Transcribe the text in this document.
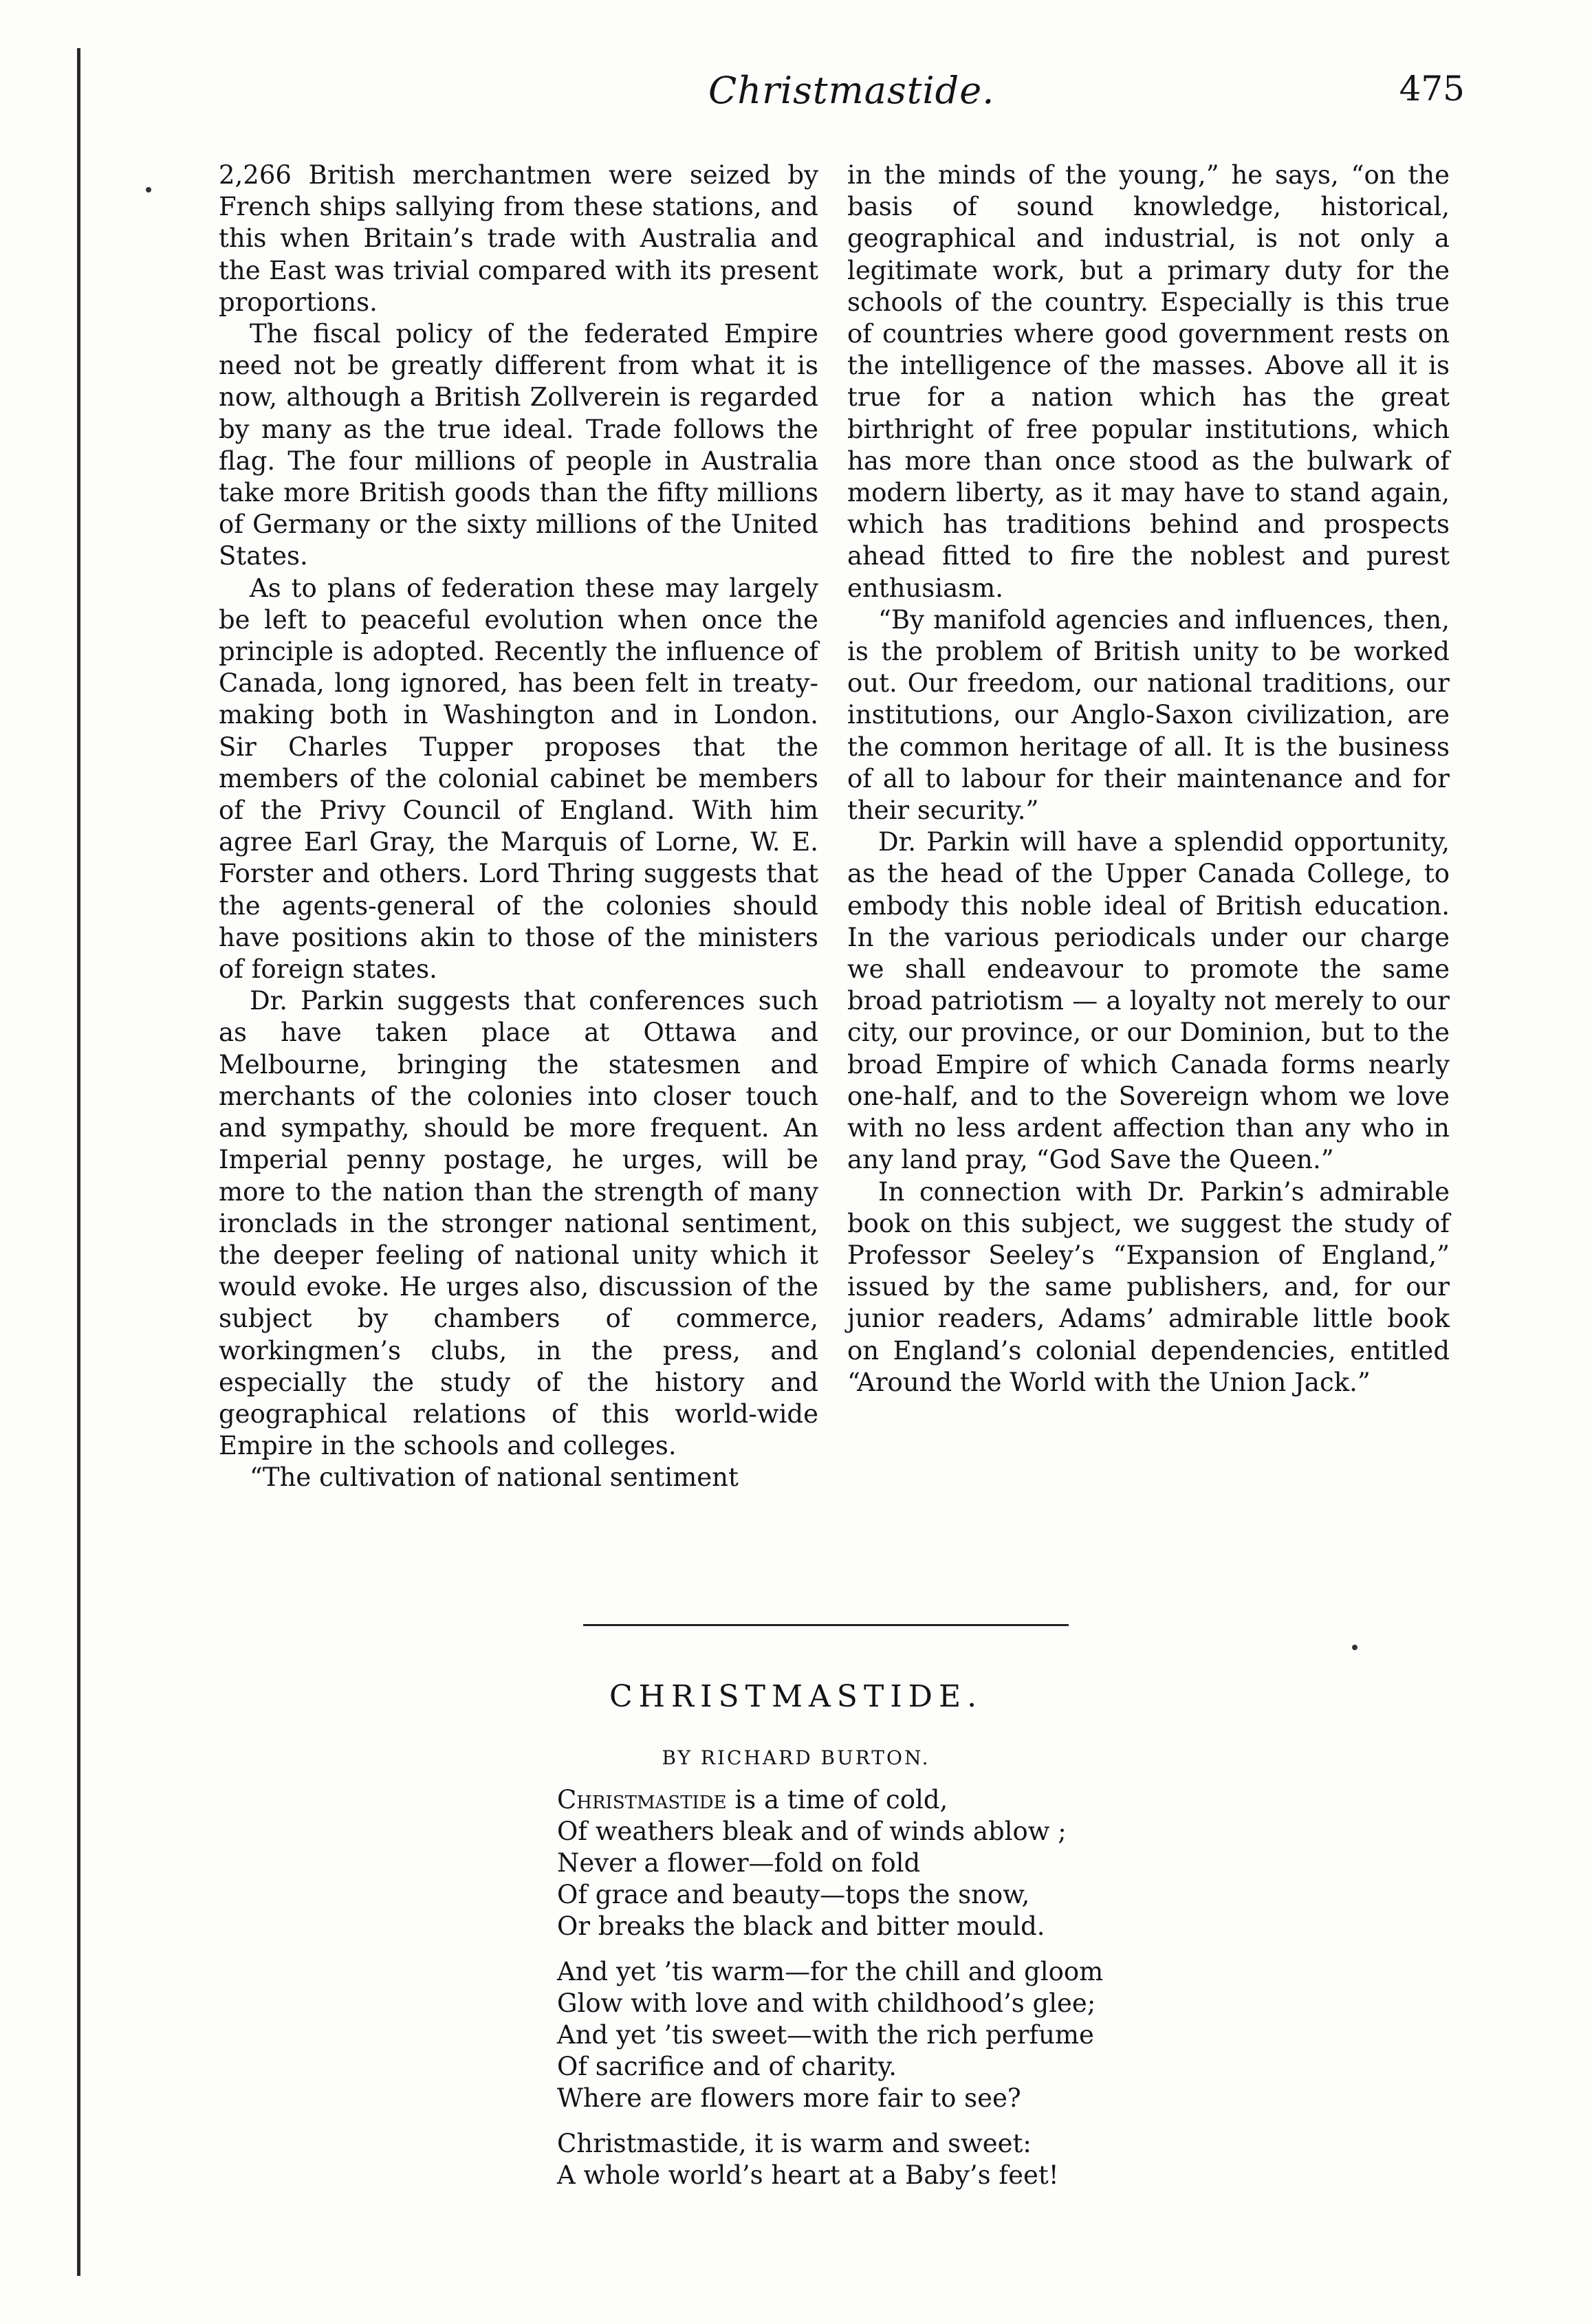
Christmastide.	475

2,266 British merchantmen were seized by French ships sallying from these stations, and this when Britain’s trade with Australia and the East was trivial compared with its present proportions.

The fiscal policy of the federated Empire need not be greatly different from what it is now, although a British Zollverein is regarded by many as the true ideal. Trade follows the flag. The four millions of people in Australia take more British goods than the fifty millions of Germany or the sixty millions of the United States.

As to plans of federation these may largely be left to peaceful evolution when once the principle is adopted. Recently the influence of Canada, long ignored, has been felt in treaty-making both in Washington and in London. Sir Charles Tupper proposes that the members of the colonial cabinet be members of the Privy Council of England. With him agree Earl Gray, the Marquis of Lorne, W. E. Forster and others. Lord Thring suggests that the agents-general of the colonies should have positions akin to those of the ministers of foreign states.

Dr. Parkin suggests that conferences such as have taken place at Ottawa and Melbourne, bringing the statesmen and merchants of the colonies into closer touch and sympathy, should be more frequent. An Imperial penny postage, he urges, will be more to the nation than the strength of many ironclads in the stronger national sentiment, the deeper feeling of national unity which it would evoke. He urges also, discussion of the subject by chambers of commerce, workingmen’s clubs, in the press, and especially the study of the history and geographical relations of this world-wide Empire in the schools and colleges.

“The cultivation of national sentiment

in the minds of the young,” he says, “on the basis of sound knowledge, historical, geographical and industrial, is not only a legitimate work, but a primary duty for the schools of the country. Especially is this true of countries where good government rests on the intelligence of the masses. Above all it is true for a nation which has the great birthright of free popular institutions, which has more than once stood as the bulwark of modern liberty, as it may have to stand again, which has traditions behind and prospects ahead fitted to fire the noblest and purest enthusiasm.

“By manifold agencies and influences, then, is the problem of British unity to be worked out. Our freedom, our national traditions, our institutions, our Anglo-Saxon civilization, are the common heritage of all. It is the business of all to labour for their maintenance and for their security.”

Dr. Parkin will have a splendid opportunity, as the head of the Upper Canada College, to embody this noble ideal of British education. In the various periodicals under our charge we shall endeavour to promote the same broad patriotism — a loyalty not merely to our city, our province, or our Dominion, but to the broad Empire of which Canada forms nearly one-half, and to the Sovereign whom we love with no less ardent affection than any who in any land pray, “God Save the Queen.”

In connection with Dr. Parkin’s admirable book on this subject, we suggest the study of Professor Seeley’s “Expansion of England,” issued by the same publishers, and, for our junior readers, Adams’ admirable little book on England’s colonial dependencies, entitled “Around the World with the Union Jack.”

CHRISTMASTIDE.
BY RICHARD BURTON.
Christmastide is a time of cold,
Of weathers bleak and of winds ablow ;
Never a flower—fold on fold
Of grace and beauty—tops the snow,
Or breaks the black and bitter mould.
And yet ’tis warm—for the chill and gloom
Glow with love and with childhood’s glee;
And yet ’tis sweet—with the rich perfume
Of sacrifice and of charity.
Where are flowers more fair to see?
Christmastide, it is warm and sweet:
A whole world’s heart at a Baby’s feet!
